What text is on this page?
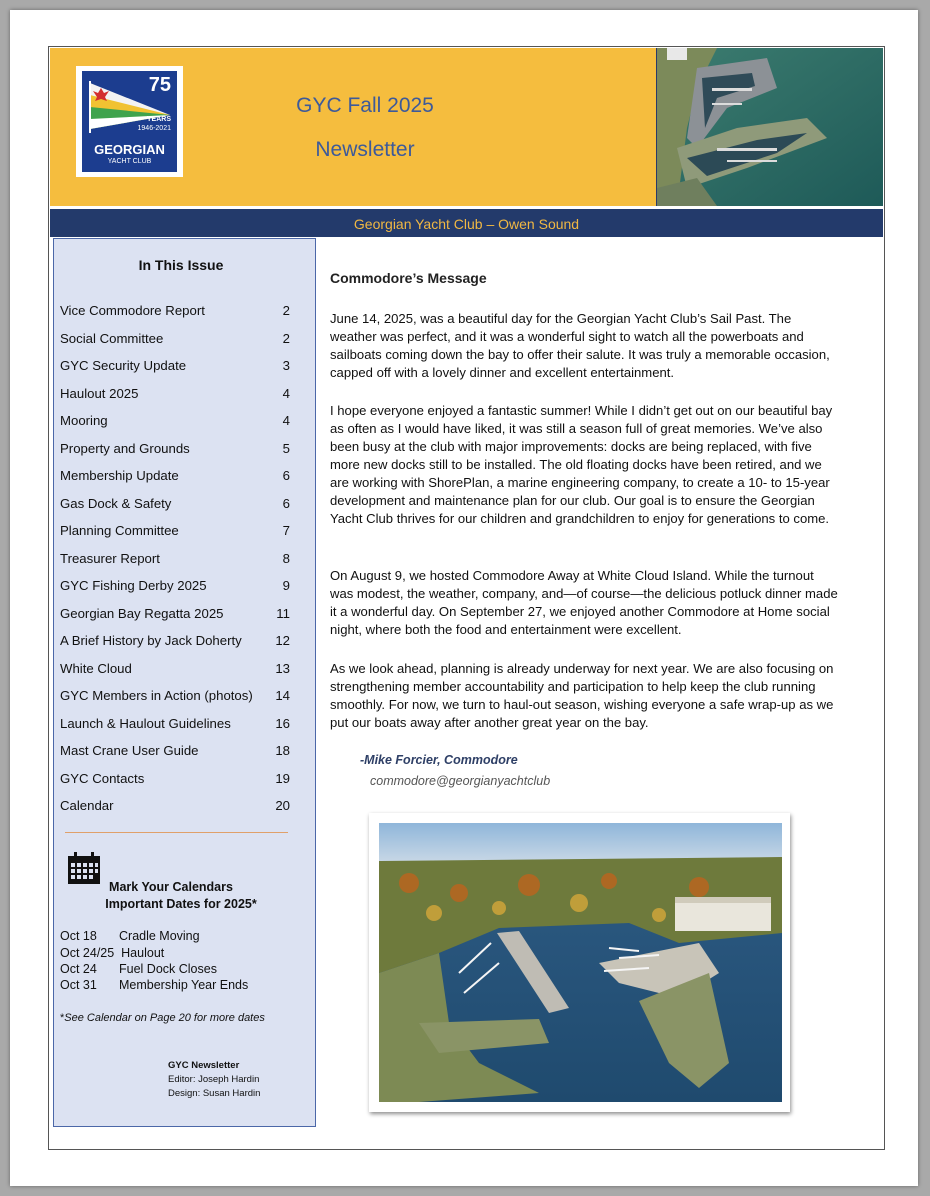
75
YEARS
1946-2021
GEORGIAN
YACHT CLUB
GYC Fall 2025
Newsletter
Georgian Yacht Club – Owen Sound
In This Issue
Vice Commodore Report	2
Social Committee	2
GYC Security Update	3
Haulout 2025	4
Mooring	4
Property and Grounds	5
Membership Update	6
Gas Dock & Safety	6
Planning Committee	7
Treasurer Report	8
GYC Fishing Derby 2025	9
Georgian Bay Regatta 2025	11
A Brief History by Jack Doherty	12
White Cloud	13
GYC Members in Action (photos) 14
Launch & Haulout Guidelines	16
Mast Crane User Guide	18
GYC Contacts	19
Calendar	20
Mark Your Calendars
Important Dates for 2025*
Oct 18 Cradle Moving
Oct 24/25 Haulout
Oct 24 Fuel Dock Closes
Oct 31 Membership Year Ends
*See Calendar on Page 20 for more dates
GYC Newsletter
Editor: Joseph Hardin
Design: Susan Hardin
Commodore’s Message
June 14, 2025, was a beautiful day for the Georgian Yacht Club’s Sail Past. The weather was perfect, and it was a wonderful sight to watch all the powerboats and sailboats coming down the bay to offer their salute. It was truly a memorable occasion, capped off with a lovely dinner and excellent entertainment.
I hope everyone enjoyed a fantastic summer! While I didn’t get out on our beautiful bay as often as I would have liked, it was still a season full of great memories. We’ve also been busy at the club with major improvements: docks are being replaced, with five more new docks still to be installed. The old floating docks have been retired, and we are working with ShorePlan, a marine engineering company, to create a 10- to 15-year development and maintenance plan for our club. Our goal is to ensure the Georgian Yacht Club thrives for our children and grandchildren to enjoy for generations to come.
On August 9, we hosted Commodore Away at White Cloud Island. While the turnout was modest, the weather, company, and—of course—the delicious potluck dinner made it a wonderful day. On September 27, we enjoyed another Commodore at Home social night, where both the food and entertainment were excellent.
As we look ahead, planning is already underway for next year. We are also focusing on strengthening member accountability and participation to help keep the club running smoothly. For now, we turn to haul-out season, wishing everyone a safe wrap-up as we put our boats away after another great year on the bay.
-Mike Forcier, Commodore
commodore@georgianyachtclub
